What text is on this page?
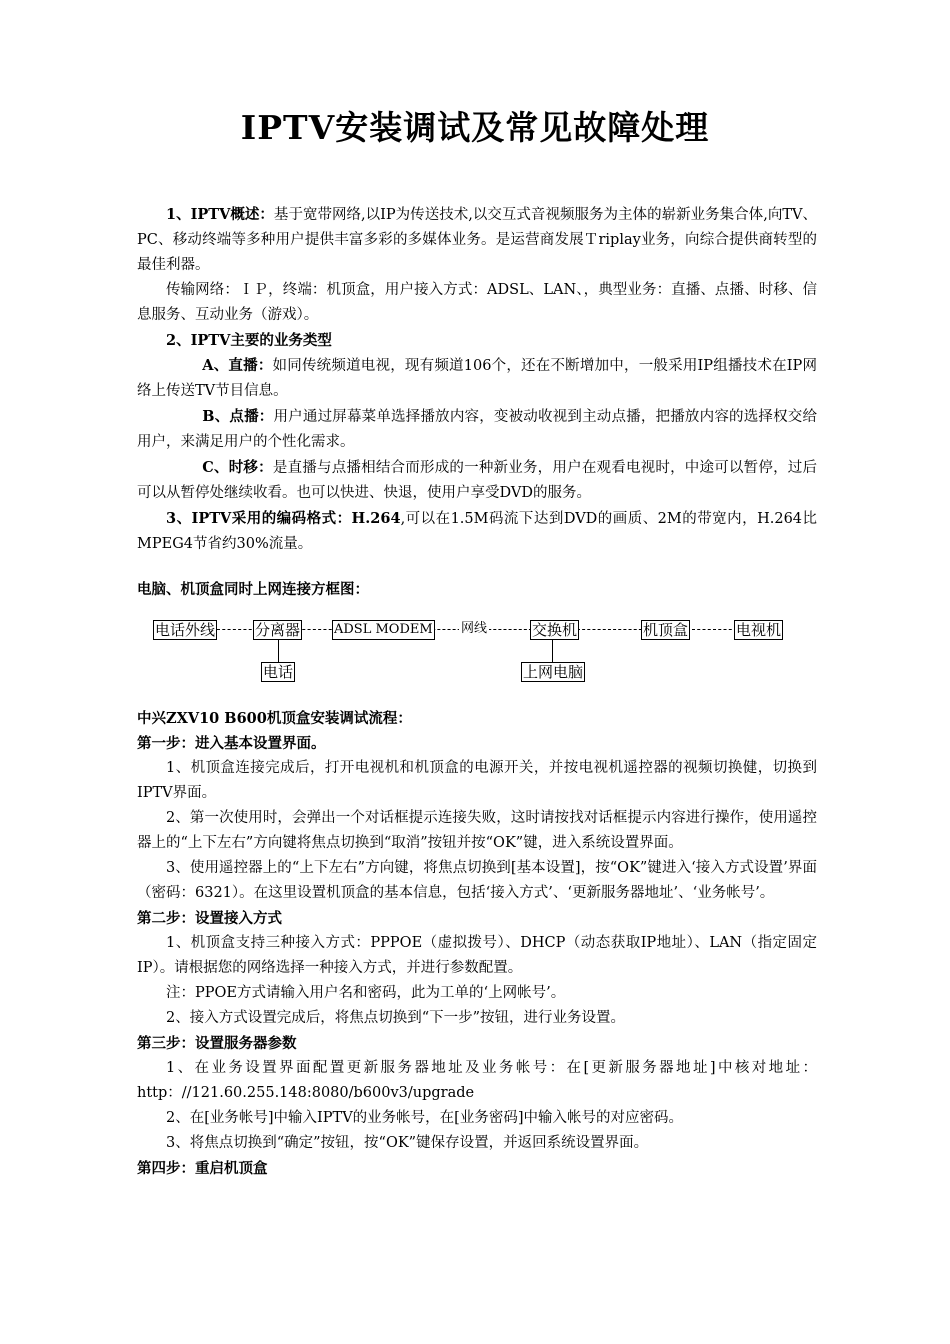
IPTV安装调试及常见故障处理

1、IPTV概述：基于宽带网络,以IP为传送技术,以交互式音视频服务为主体的崭新业务集合体,向TV、PC、移动终端等多种用户提供丰富多彩的多媒体业务。是运营商发展Ｔriplay业务，向综合提供商转型的最佳利器。

传输网络：ＩＰ，终端：机顶盒，用户接入方式：ADSL、LAN、，典型业务：直播、点播、时移、信息服务、互动业务（游戏）。

2、IPTV主要的业务类型

A、直播：如同传统频道电视，现有频道106个，还在不断增加中，一般采用IP组播技术在IP网络上传送TV节目信息。

B、点播：用户通过屏幕菜单选择播放内容，变被动收视到主动点播，把播放内容的选择权交给用户，来满足用户的个性化需求。

C、时移：是直播与点播相结合而形成的一种新业务，用户在观看电视时，中途可以暂停，过后可以从暂停处继续收看。也可以快进、快退，使用户享受DVD的服务。

3、IPTV采用的编码格式：H.264,可以在1.5M码流下达到DVD的画质、2M的带宽内，H.264比MPEG4节省约30%流量。

电脑、机顶盒同时上网连接方框图：

网线
电话外线	分离器	ADSL MODEM	交换机	机顶盒	电视机
电话	上网电脑

中兴ZXV10 B600机顶盒安装调试流程：

第一步：进入基本设置界面。

1、机顶盒连接完成后，打开电视机和机顶盒的电源开关，并按电视机遥控器的视频切换健，切换到IPTV界面。

2、第一次使用时，会弹出一个对话框提示连接失败，这时请按找对话框提示内容进行操作，使用遥控器上的“上下左右”方向键将焦点切换到“取消”按钮并按“OK”键，进入系统设置界面。

3、使用遥控器上的“上下左右”方向键，将焦点切换到[基本设置]，按“OK”键进入‘接入方式设置’界面（密码：6321）。在这里设置机顶盒的基本信息，包括‘接入方式’、‘更新服务器地址’、‘业务帐号’。

第二步：设置接入方式

1、机顶盒支持三种接入方式：PPPOE（虚拟拨号）、DHCP（动态获取IP地址）、LAN（指定固定IP）。请根据您的网络选择一种接入方式，并进行参数配置。

注：PPOE方式请输入用户名和密码，此为工单的‘上网帐号’。

2、接入方式设置完成后，将焦点切换到“下一步”按钮，进行业务设置。

第三步：设置服务器参数

1、在业务设置界面配置更新服务器地址及业务帐号：在[更新服务器地址]中核对地址：http：//121.60.255.148:8080/b600v3/upgrade

2、在[业务帐号]中输入IPTV的业务帐号，在[业务密码]中输入帐号的对应密码。

3、将焦点切换到“确定”按钮，按“OK”键保存设置，并返回系统设置界面。

第四步：重启机顶盒
